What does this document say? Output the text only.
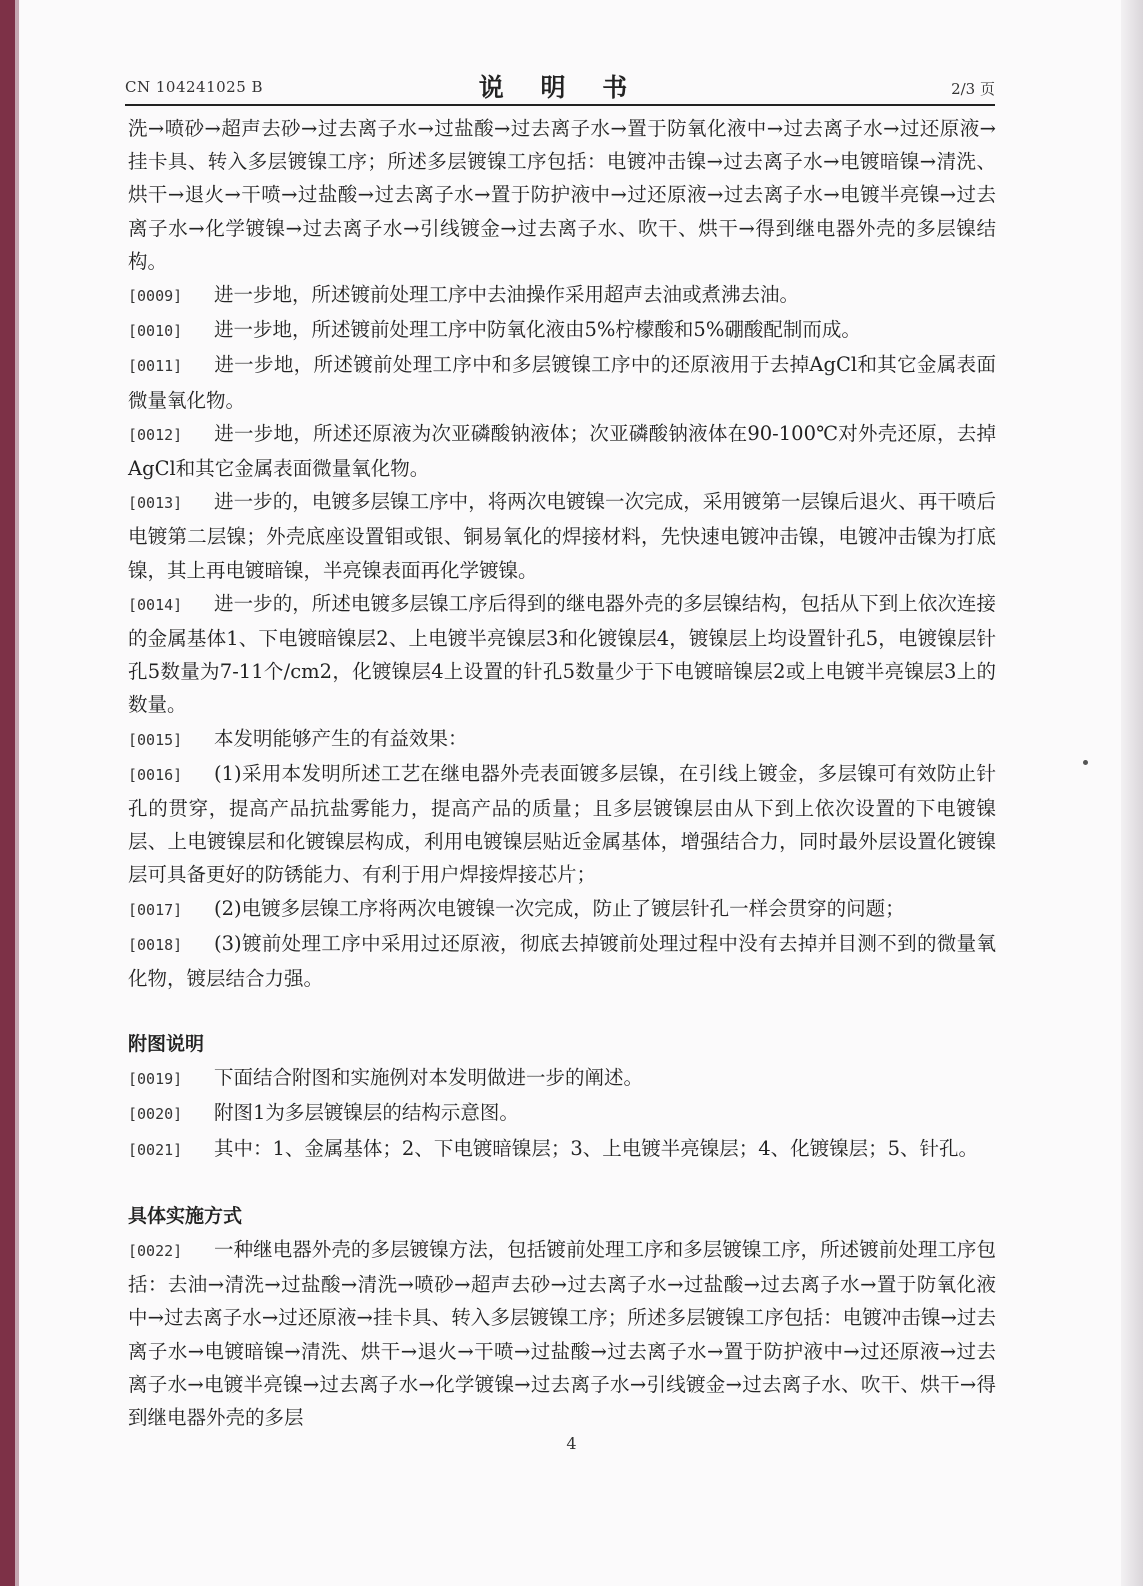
CN 104241025 B	说 明 书	2/3 页

洗→喷砂→超声去砂→过去离子水→过盐酸→过去离子水→置于防氧化液中→过去离子水→过还原液→挂卡具、转入多层镀镍工序；所述多层镀镍工序包括：电镀冲击镍→过去离子水→电镀暗镍→清洗、烘干→退火→干喷→过盐酸→过去离子水→置于防护液中→过还原液→过去离子水→电镀半亮镍→过去离子水→化学镀镍→过去离子水→引线镀金→过去离子水、吹干、烘干→得到继电器外壳的多层镍结构。

[0009] 进一步地，所述镀前处理工序中去油操作采用超声去油或煮沸去油。

[0010] 进一步地，所述镀前处理工序中防氧化液由5%柠檬酸和5%硼酸配制而成。

[0011] 进一步地，所述镀前处理工序中和多层镀镍工序中的还原液用于去掉AgCl和其它金属表面微量氧化物。

[0012] 进一步地，所述还原液为次亚磷酸钠液体；次亚磷酸钠液体在90-100℃对外壳还原，去掉AgCl和其它金属表面微量氧化物。

[0013] 进一步的，电镀多层镍工序中，将两次电镀镍一次完成，采用镀第一层镍后退火、再干喷后电镀第二层镍；外壳底座设置钼或银、铜易氧化的焊接材料，先快速电镀冲击镍，电镀冲击镍为打底镍，其上再电镀暗镍，半亮镍表面再化学镀镍。

[0014] 进一步的，所述电镀多层镍工序后得到的继电器外壳的多层镍结构，包括从下到上依次连接的金属基体1、下电镀暗镍层2、上电镀半亮镍层3和化镀镍层4，镀镍层上均设置针孔5，电镀镍层针孔5数量为7-11个/cm2，化镀镍层4上设置的针孔5数量少于下电镀暗镍层2或上电镀半亮镍层3上的数量。

[0015] 本发明能够产生的有益效果：

[0016] (1)采用本发明所述工艺在继电器外壳表面镀多层镍，在引线上镀金，多层镍可有效防止针孔的贯穿，提高产品抗盐雾能力，提高产品的质量；且多层镀镍层由从下到上依次设置的下电镀镍层、上电镀镍层和化镀镍层构成，利用电镀镍层贴近金属基体，增强结合力，同时最外层设置化镀镍层可具备更好的防锈能力、有利于用户焊接焊接芯片；

[0017] (2)电镀多层镍工序将两次电镀镍一次完成，防止了镀层针孔一样会贯穿的问题；

[0018] (3)镀前处理工序中采用过还原液，彻底去掉镀前处理过程中没有去掉并目测不到的微量氧化物，镀层结合力强。

附图说明

[0019] 下面结合附图和实施例对本发明做进一步的阐述。

[0020] 附图1为多层镀镍层的结构示意图。

[0021] 其中：1、金属基体；2、下电镀暗镍层；3、上电镀半亮镍层；4、化镀镍层；5、针孔。

具体实施方式

[0022] 一种继电器外壳的多层镀镍方法，包括镀前处理工序和多层镀镍工序，所述镀前处理工序包括：去油→清洗→过盐酸→清洗→喷砂→超声去砂→过去离子水→过盐酸→过去离子水→置于防氧化液中→过去离子水→过还原液→挂卡具、转入多层镀镍工序；所述多层镀镍工序包括：电镀冲击镍→过去离子水→电镀暗镍→清洗、烘干→退火→干喷→过盐酸→过去离子水→置于防护液中→过还原液→过去离子水→电镀半亮镍→过去离子水→化学镀镍→过去离子水→引线镀金→过去离子水、吹干、烘干→得到继电器外壳的多层

4
